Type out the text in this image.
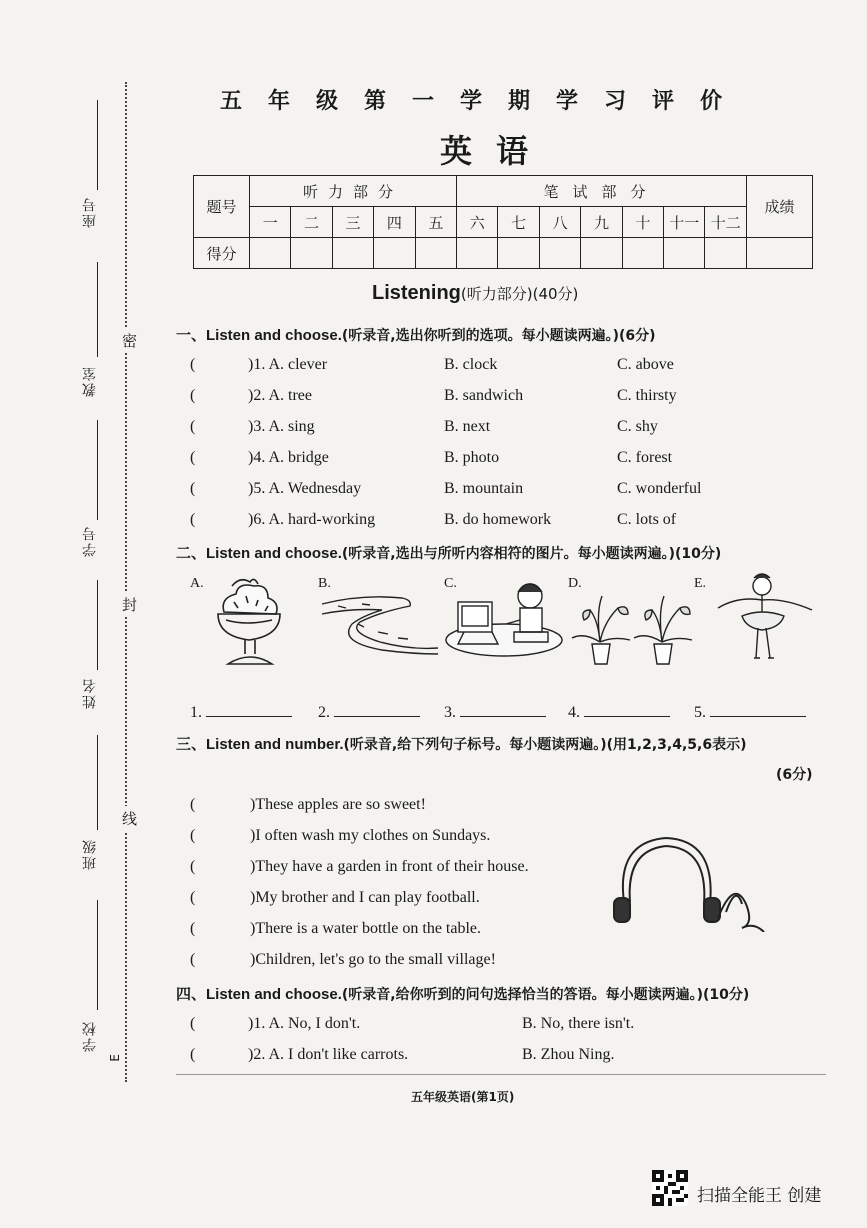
座号
教室
学号
姓名
班级
学校
密
封
线
E
五年级第一学期学习评价
英语
题号	听力部分					笔试部分							成绩
	一	二	三	四	五	六	七	八	九	十	十一	十二	
得分													
Listening(听力部分)(40分)
一、Listen and choose.(听录音,选出你听到的选项。每小题读两遍。)(6分)
(	)1. A. clever	B. clock	C. above
(	)2. A. tree	B. sandwich	C. thirsty
(	)3. A. sing	B. next	C. shy
(	)4. A. bridge	B. photo	C. forest
(	)5. A. Wednesday	B. mountain	C. wonderful
(	)6. A. hard-working	B. do homework	C. lots of
二、Listen and choose.(听录音,选出与所听内容相符的图片。每小题读两遍。)(10分)
A.	B.	C.	D.	E.
1.	2.	3.	4.	5.
三、Listen and number.(听录音,给下列句子标号。每小题读两遍。)(用1,2,3,4,5,6表示)
(6分)
(	)These apples are so sweet!
(	)I often wash my clothes on Sundays.
(	)They have a garden in front of their house.
(	)My brother and I can play football.
(	)There is a water bottle on the table.
(	)Children, let's go to the small village!
四、Listen and choose.(听录音,给你听到的问句选择恰当的答语。每小题读两遍。)(10分)
(	)1. A. No, I don't.	B. No, there isn't.
(	)2. A. I don't like carrots.	B. Zhou Ning.
五年级英语(第1页)
扫描全能王 创建
